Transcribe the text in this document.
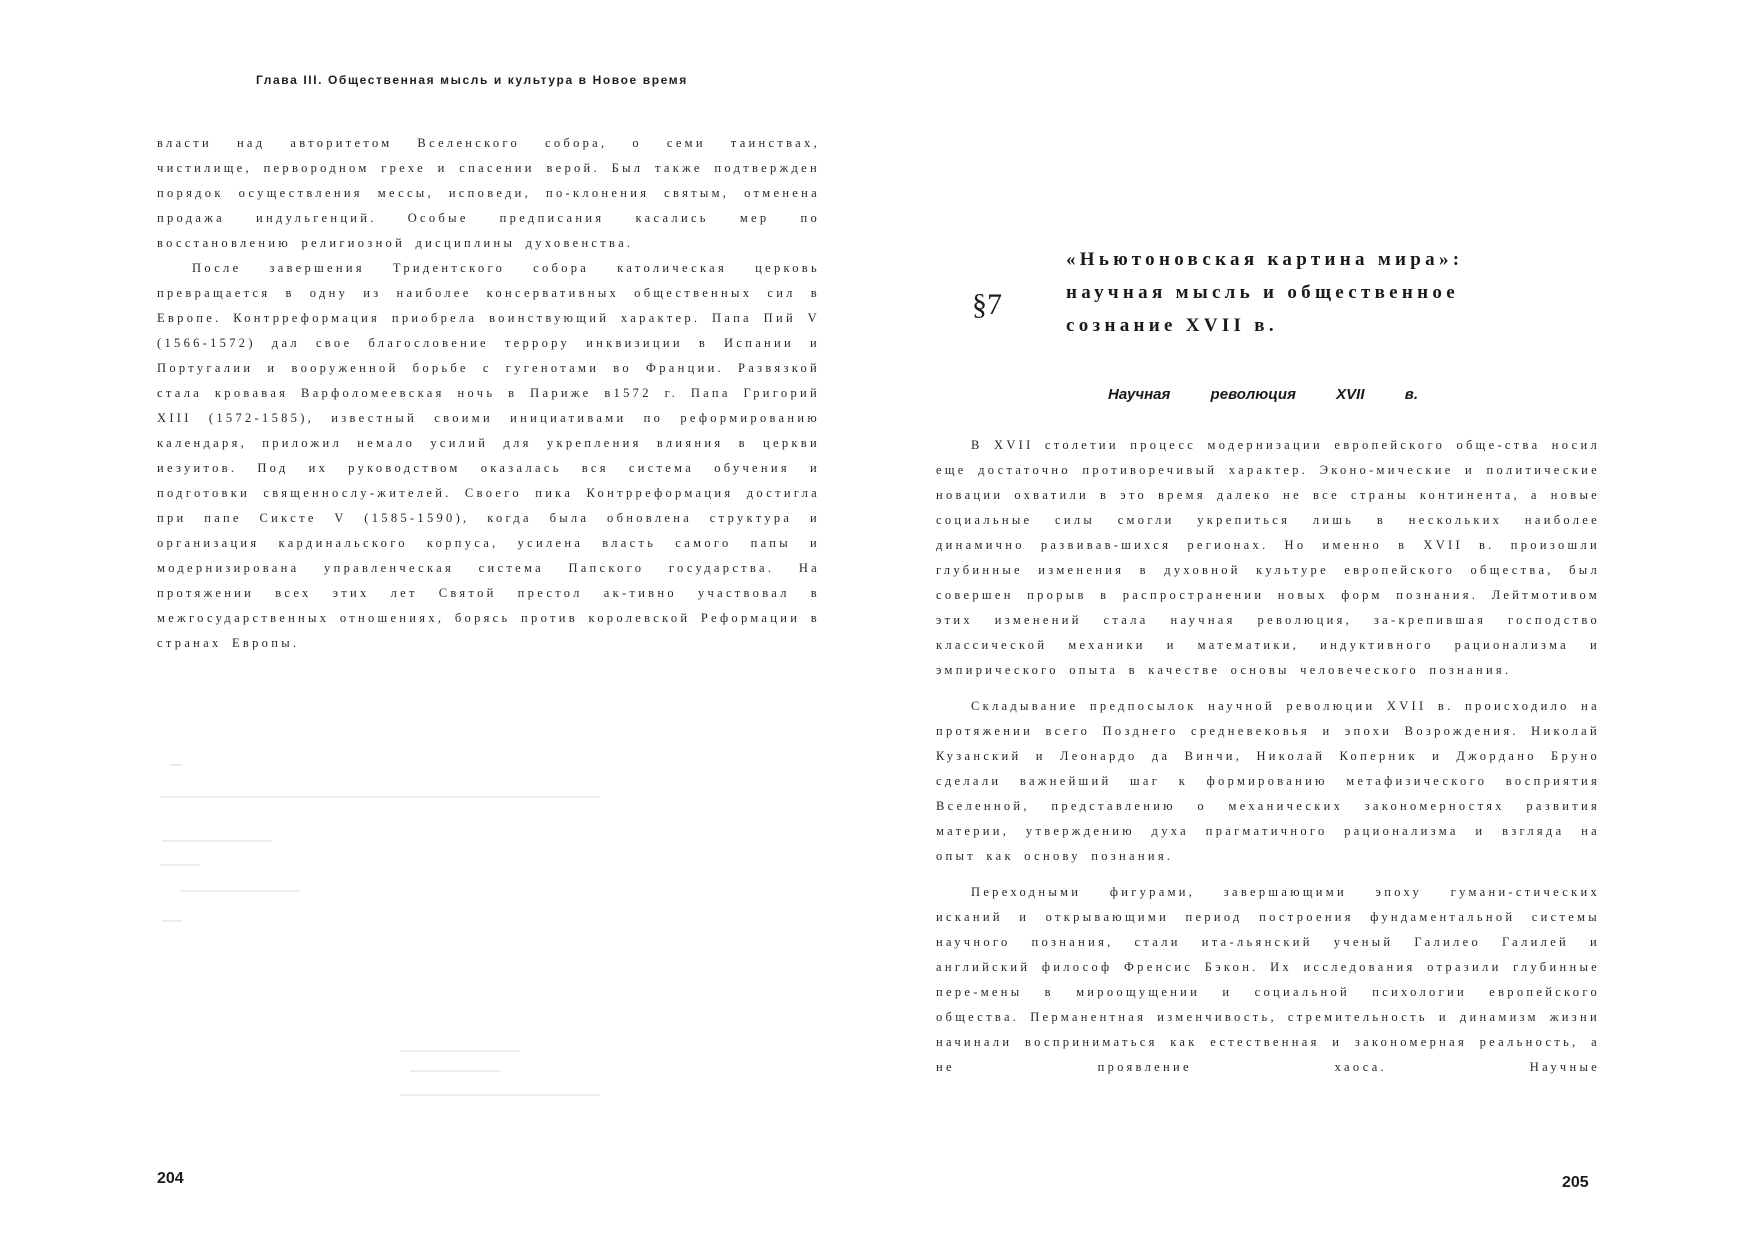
Глава III. Общественная мысль и культура в Новое время

власти над авторитетом Вселенского собора, о семи таинствах, чистилище, первородном грехе и спасении верой. Был также подтвержден порядок осуществления мессы, исповеди, по-клонения святым, отменена продажа индульгенций. Особые предписания касались мер по восстановлению религиозной дисциплины духовенства.

После завершения Тридентского собора католическая церковь превращается в одну из наиболее консервативных общественных сил в Европе. Контрреформация приобрела воинствующий характер. Папа Пий V (1566-1572) дал свое благословение террору инквизиции в Испании и Португалии и вооруженной борьбе с гугенотами во Франции. Развязкой стала кровавая Варфоломеевская ночь в Париже в1572 г. Папа Григорий XIII (1572-1585), известный своими инициативами по реформированию календаря, приложил немало усилий для укрепления влияния в церкви иезуитов. Под их руководством оказалась вся система обучения и подготовки священнослу-жителей. Своего пика Контрреформация достигла при папе Сиксте V (1585-1590), когда была обновлена структура и организация кардинальского корпуса, усилена власть самого папы и модернизирована управленческая система Папского государства. На протяжении всех этих лет Святой престол ак-тивно участвовал в межгосударственных отношениях, борясь против королевской Реформации в странах Европы.

204
§7
«Ньютоновская картина мира»:
научная мысль и общественное
сознание XVII в.
Научная революция XVII в.

В XVII столетии процесс модернизации европейского обще-ства носил еще достаточно противоречивый характер. Эконо-мические и политические новации охватили в это время далеко не все страны континента, а новые социальные силы смогли укрепиться лишь в нескольких наиболее динамично развивав-шихся регионах. Но именно в XVII в. произошли глубинные изменения в духовной культуре европейского общества, был совершен прорыв в распространении новых форм познания. Лейтмотивом этих изменений стала научная революция, за-крепившая господство классической механики и математики, индуктивного рационализма и эмпирического опыта в качестве основы человеческого познания.

Складывание предпосылок научной революции XVII в. происходило на протяжении всего Позднего средневековья и эпохи Возрождения. Николай Кузанский и Леонардо да Винчи, Николай Коперник и Джордано Бруно сделали важнейший шаг к формированию метафизического восприятия Вселенной, представлению о механических закономерностях развития материи, утверждению духа прагматичного рационализма и взгляда на опыт как основу познания.

Переходными фигурами, завершающими эпоху гумани-стических исканий и открывающими период построения фундаментальной системы научного познания, стали ита-льянский ученый Галилео Галилей и английский философ Френсис Бэкон. Их исследования отразили глубинные пере-мены в мироощущении и социальной психологии европейского общества. Перманентная изменчивость, стремительность и динамизм жизни начинали восприниматься как естественная и закономерная реальность, а не проявление хаоса. Научные

205
